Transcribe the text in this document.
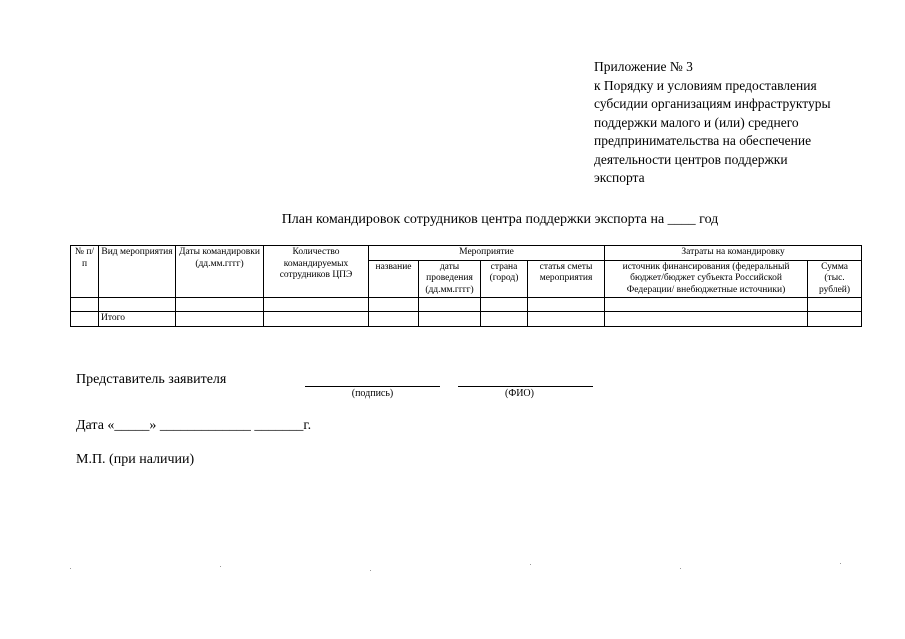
Приложение № 3
к Порядку и условиям предоставления
субсидии организациям инфраструктуры
поддержки малого и (или) среднего
предпринимательства на обеспечение
деятельности центров поддержки
экспорта
План командировок сотрудников центра поддержки экспорта на ____ год
№ п/п	Вид мероприятия	Даты командировки (дд.мм.гггг)	Количество командируемых сотрудников ЦПЭ	Мероприятие				Затраты на командировку	
				название	даты проведения (дд.мм.гггг)	страна (город)	статья сметы мероприятия	источник финансирования (федеральный бюджет/бюджет субъекта Российской Федерации/ внебюджетные источники)	Сумма (тыс. рублей)

	Итого								
Представитель заявителя
(подпись)	(ФИО)
Дата «_____» _____________ _______г.
М.П. (при наличии)
